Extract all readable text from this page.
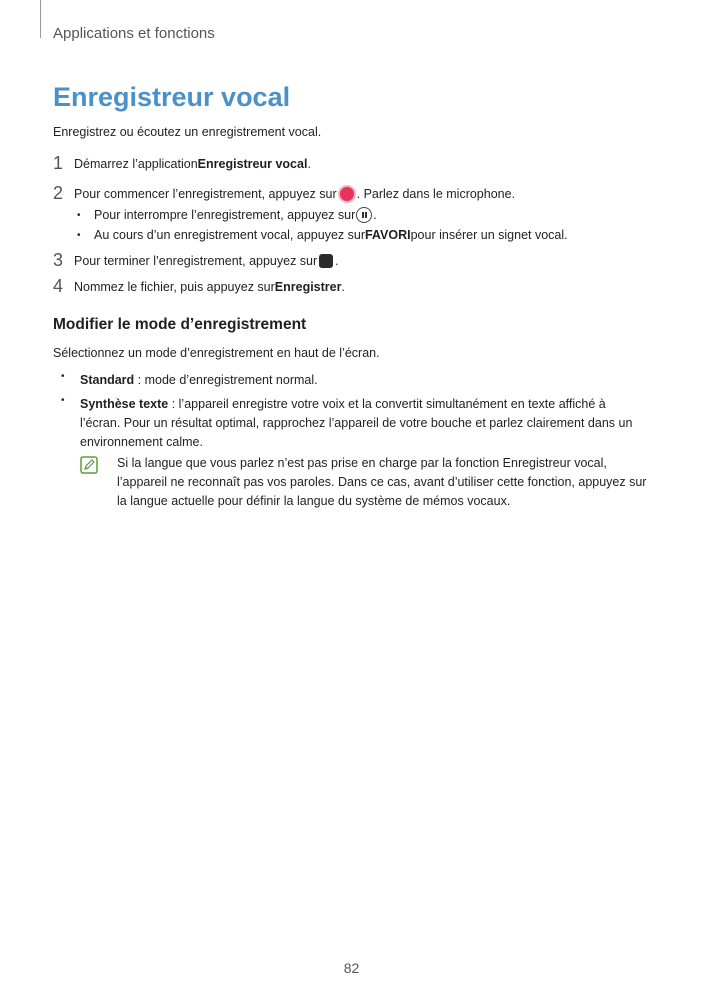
Applications et fonctions
Enregistreur vocal
Enregistrez ou écoutez un enregistrement vocal.
1 Démarrez l’application Enregistreur vocal .
2 Pour commencer l’enregistrement, appuyez sur . Parlez dans le microphone.
•	Pour interrompre l’enregistrement, appuyez sur .
•	Au cours d’un enregistrement vocal, appuyez sur FAVORI pour insérer un signet vocal.
3 Pour terminer l’enregistrement, appuyez sur .
4 Nommez le fichier, puis appuyez sur Enregistrer .
Modifier le mode d’enregistrement
Sélectionnez un mode d’enregistrement en haut de l’écran.
•	Standard : mode d’enregistrement normal.
•	Synthèse texte : l’appareil enregistre votre voix et la convertit simultanément en texte affiché à l’écran. Pour un résultat optimal, rapprochez l’appareil de votre bouche et parlez clairement dans un environnement calme.
Si la langue que vous parlez n’est pas prise en charge par la fonction Enregistreur vocal, l’appareil ne reconnaît pas vos paroles. Dans ce cas, avant d’utiliser cette fonction, appuyez sur la langue actuelle pour définir la langue du système de mémos vocaux.
82
